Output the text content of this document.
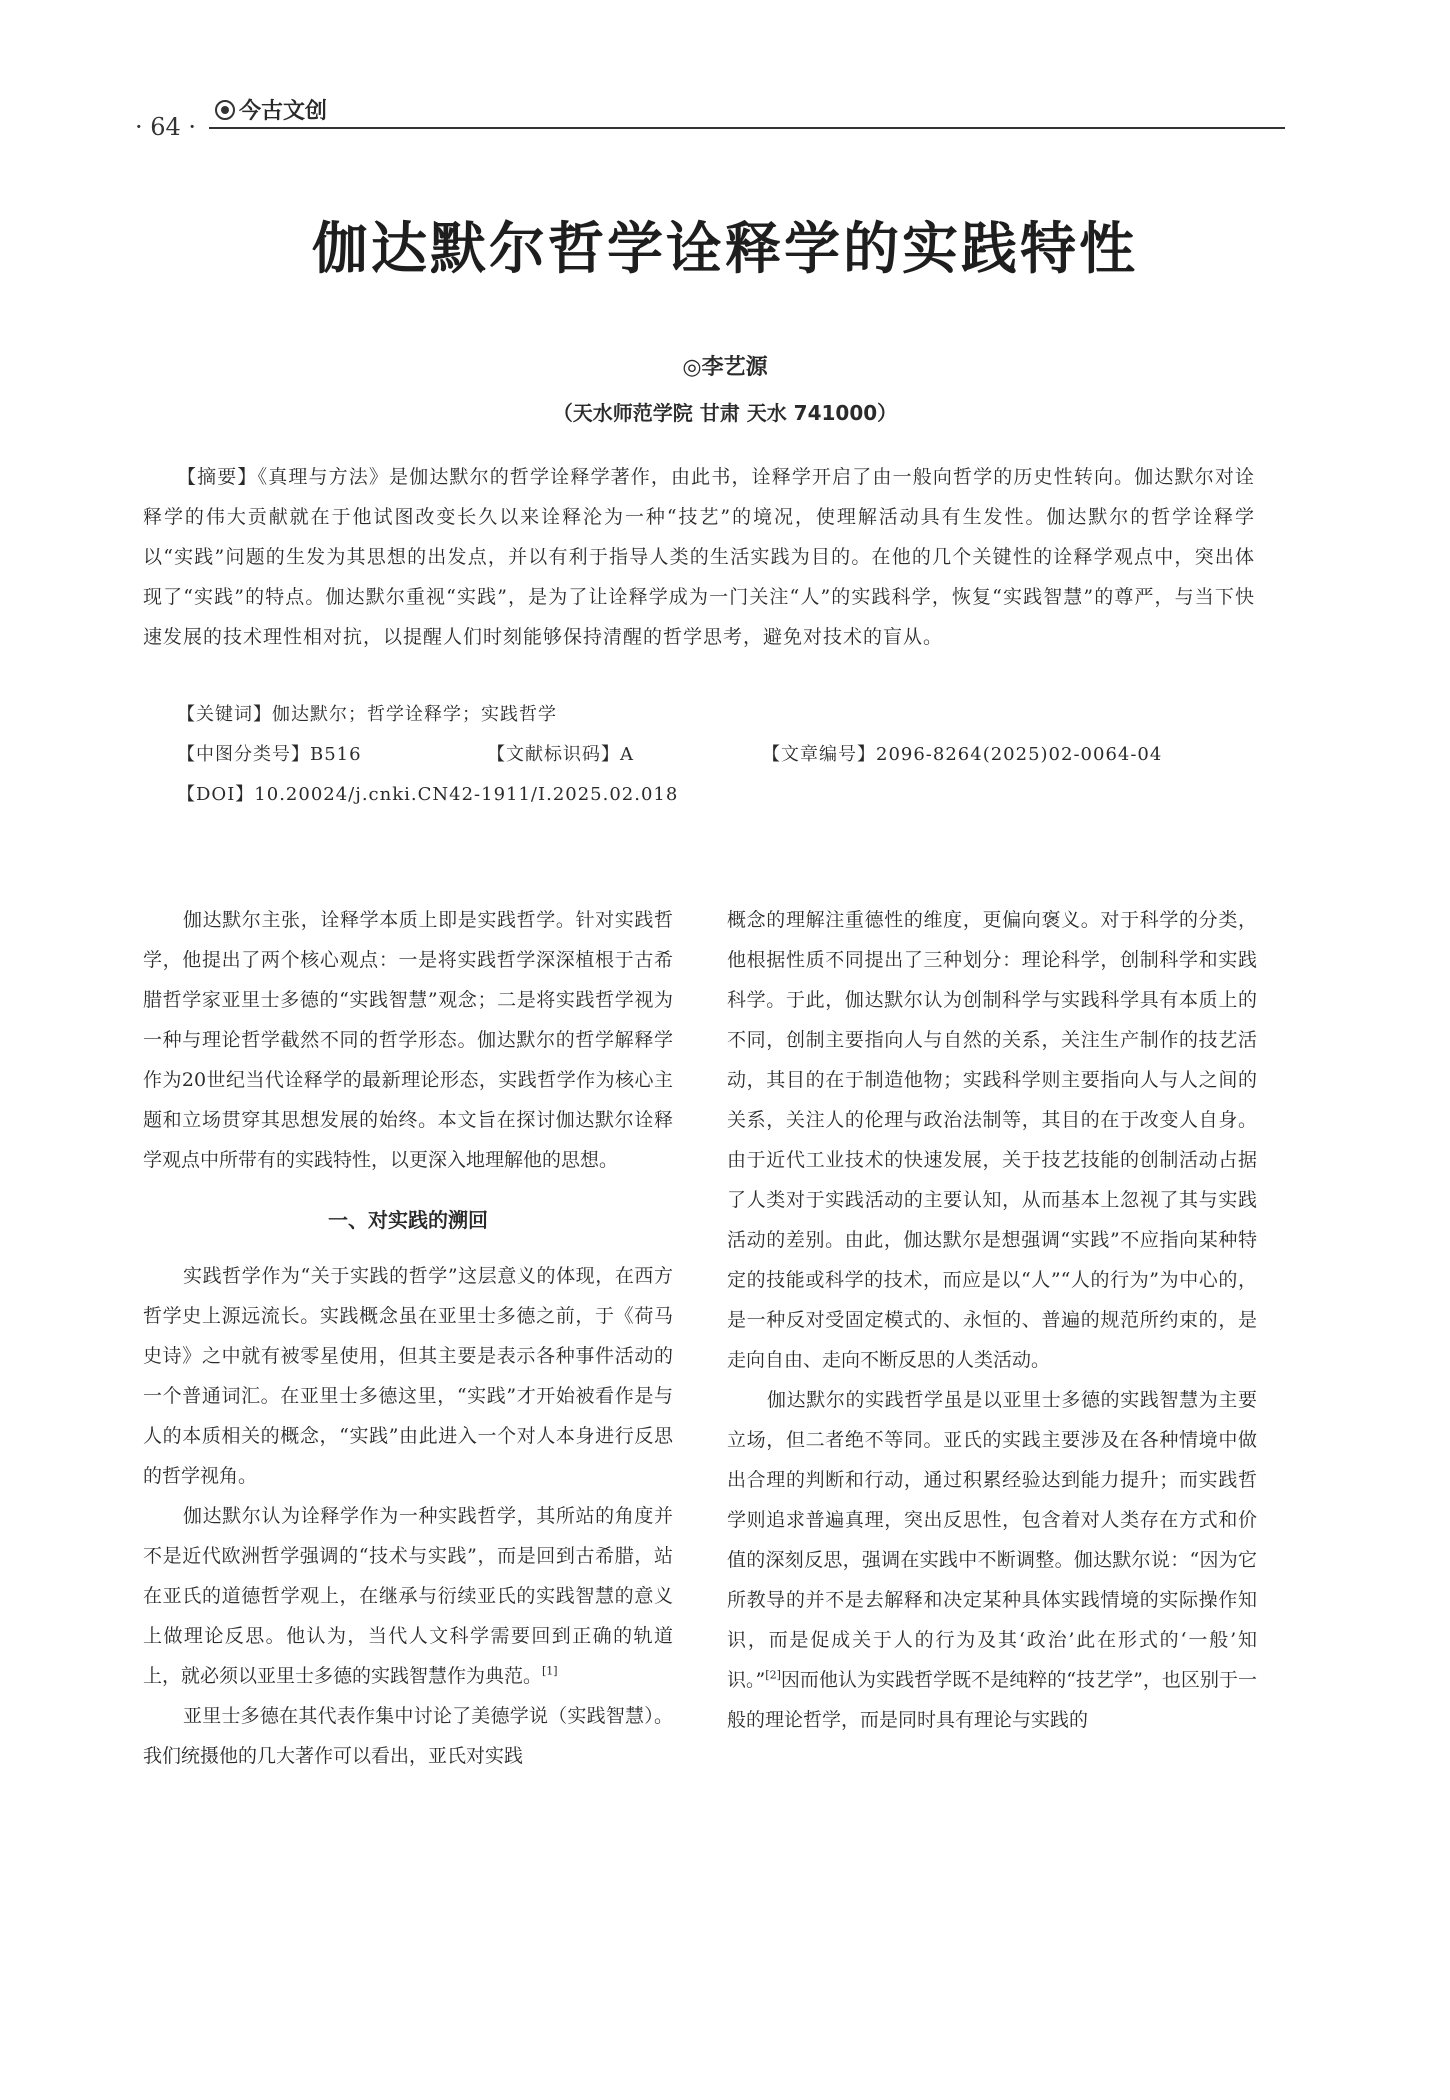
· 64 ·
今古文创
伽达默尔哲学诠释学的实践特性
◎李艺源
（天水师范学院 甘肃 天水 741000）

【摘要】《真理与方法》是伽达默尔的哲学诠释学著作，由此书，诠释学开启了由一般向哲学的历史性转向。伽达默尔对诠释学的伟大贡献就在于他试图改变长久以来诠释沦为一种“技艺”的境况，使理解活动具有生发性。伽达默尔的哲学诠释学以“实践”问题的生发为其思想的出发点，并以有利于指导人类的生活实践为目的。在他的几个关键性的诠释学观点中，突出体现了“实践”的特点。伽达默尔重视“实践”，是为了让诠释学成为一门关注“人”的实践科学，恢复“实践智慧”的尊严，与当下快速发展的技术理性相对抗，以提醒人们时刻能够保持清醒的哲学思考，避免对技术的盲从。

【关键词】伽达默尔；哲学诠释学；实践哲学
【中图分类号】B516	【文献标识码】A	【文章编号】2096-8264(2025)02-0064-04
【DOI】10.20024/j.cnki.CN42-1911/I.2025.02.018

伽达默尔主张，诠释学本质上即是实践哲学。针对实践哲学，他提出了两个核心观点：一是将实践哲学深深植根于古希腊哲学家亚里士多德的“实践智慧”观念；二是将实践哲学视为一种与理论哲学截然不同的哲学形态。伽达默尔的哲学解释学作为20世纪当代诠释学的最新理论形态，实践哲学作为核心主题和立场贯穿其思想发展的始终。本文旨在探讨伽达默尔诠释学观点中所带有的实践特性，以更深入地理解他的思想。

一、对实践的溯回

实践哲学作为“关于实践的哲学”这层意义的体现，在西方哲学史上源远流长。实践概念虽在亚里士多德之前，于《荷马史诗》之中就有被零星使用，但其主要是表示各种事件活动的一个普通词汇。在亚里士多德这里，“实践”才开始被看作是与人的本质相关的概念，“实践”由此进入一个对人本身进行反思的哲学视角。

伽达默尔认为诠释学作为一种实践哲学，其所站的角度并不是近代欧洲哲学强调的“技术与实践”，而是回到古希腊，站在亚氏的道德哲学观上，在继承与衍续亚氏的实践智慧的意义上做理论反思。他认为，当代人文科学需要回到正确的轨道上，就必须以亚里士多德的实践智慧作为典范。[1]

亚里士多德在其代表作集中讨论了美德学说（实践智慧）。我们统摄他的几大著作可以看出，亚氏对实践

概念的理解注重德性的维度，更偏向褒义。对于科学的分类，他根据性质不同提出了三种划分：理论科学，创制科学和实践科学。于此，伽达默尔认为创制科学与实践科学具有本质上的不同，创制主要指向人与自然的关系，关注生产制作的技艺活动，其目的在于制造他物；实践科学则主要指向人与人之间的关系，关注人的伦理与政治法制等，其目的在于改变人自身。由于近代工业技术的快速发展，关于技艺技能的创制活动占据了人类对于实践活动的主要认知，从而基本上忽视了其与实践活动的差别。由此，伽达默尔是想强调“实践”不应指向某种特定的技能或科学的技术，而应是以“人”“人的行为”为中心的，是一种反对受固定模式的、永恒的、普遍的规范所约束的，是走向自由、走向不断反思的人类活动。

伽达默尔的实践哲学虽是以亚里士多德的实践智慧为主要立场，但二者绝不等同。亚氏的实践主要涉及在各种情境中做出合理的判断和行动，通过积累经验达到能力提升；而实践哲学则追求普遍真理，突出反思性，包含着对人类存在方式和价值的深刻反思，强调在实践中不断调整。伽达默尔说：“因为它所教导的并不是去解释和决定某种具体实践情境的实际操作知识，而是促成关于人的行为及其‘政治’此在形式的‘一般’知识。”[2]因而他认为实践哲学既不是纯粹的“技艺学”，也区别于一般的理论哲学，而是同时具有理论与实践的
